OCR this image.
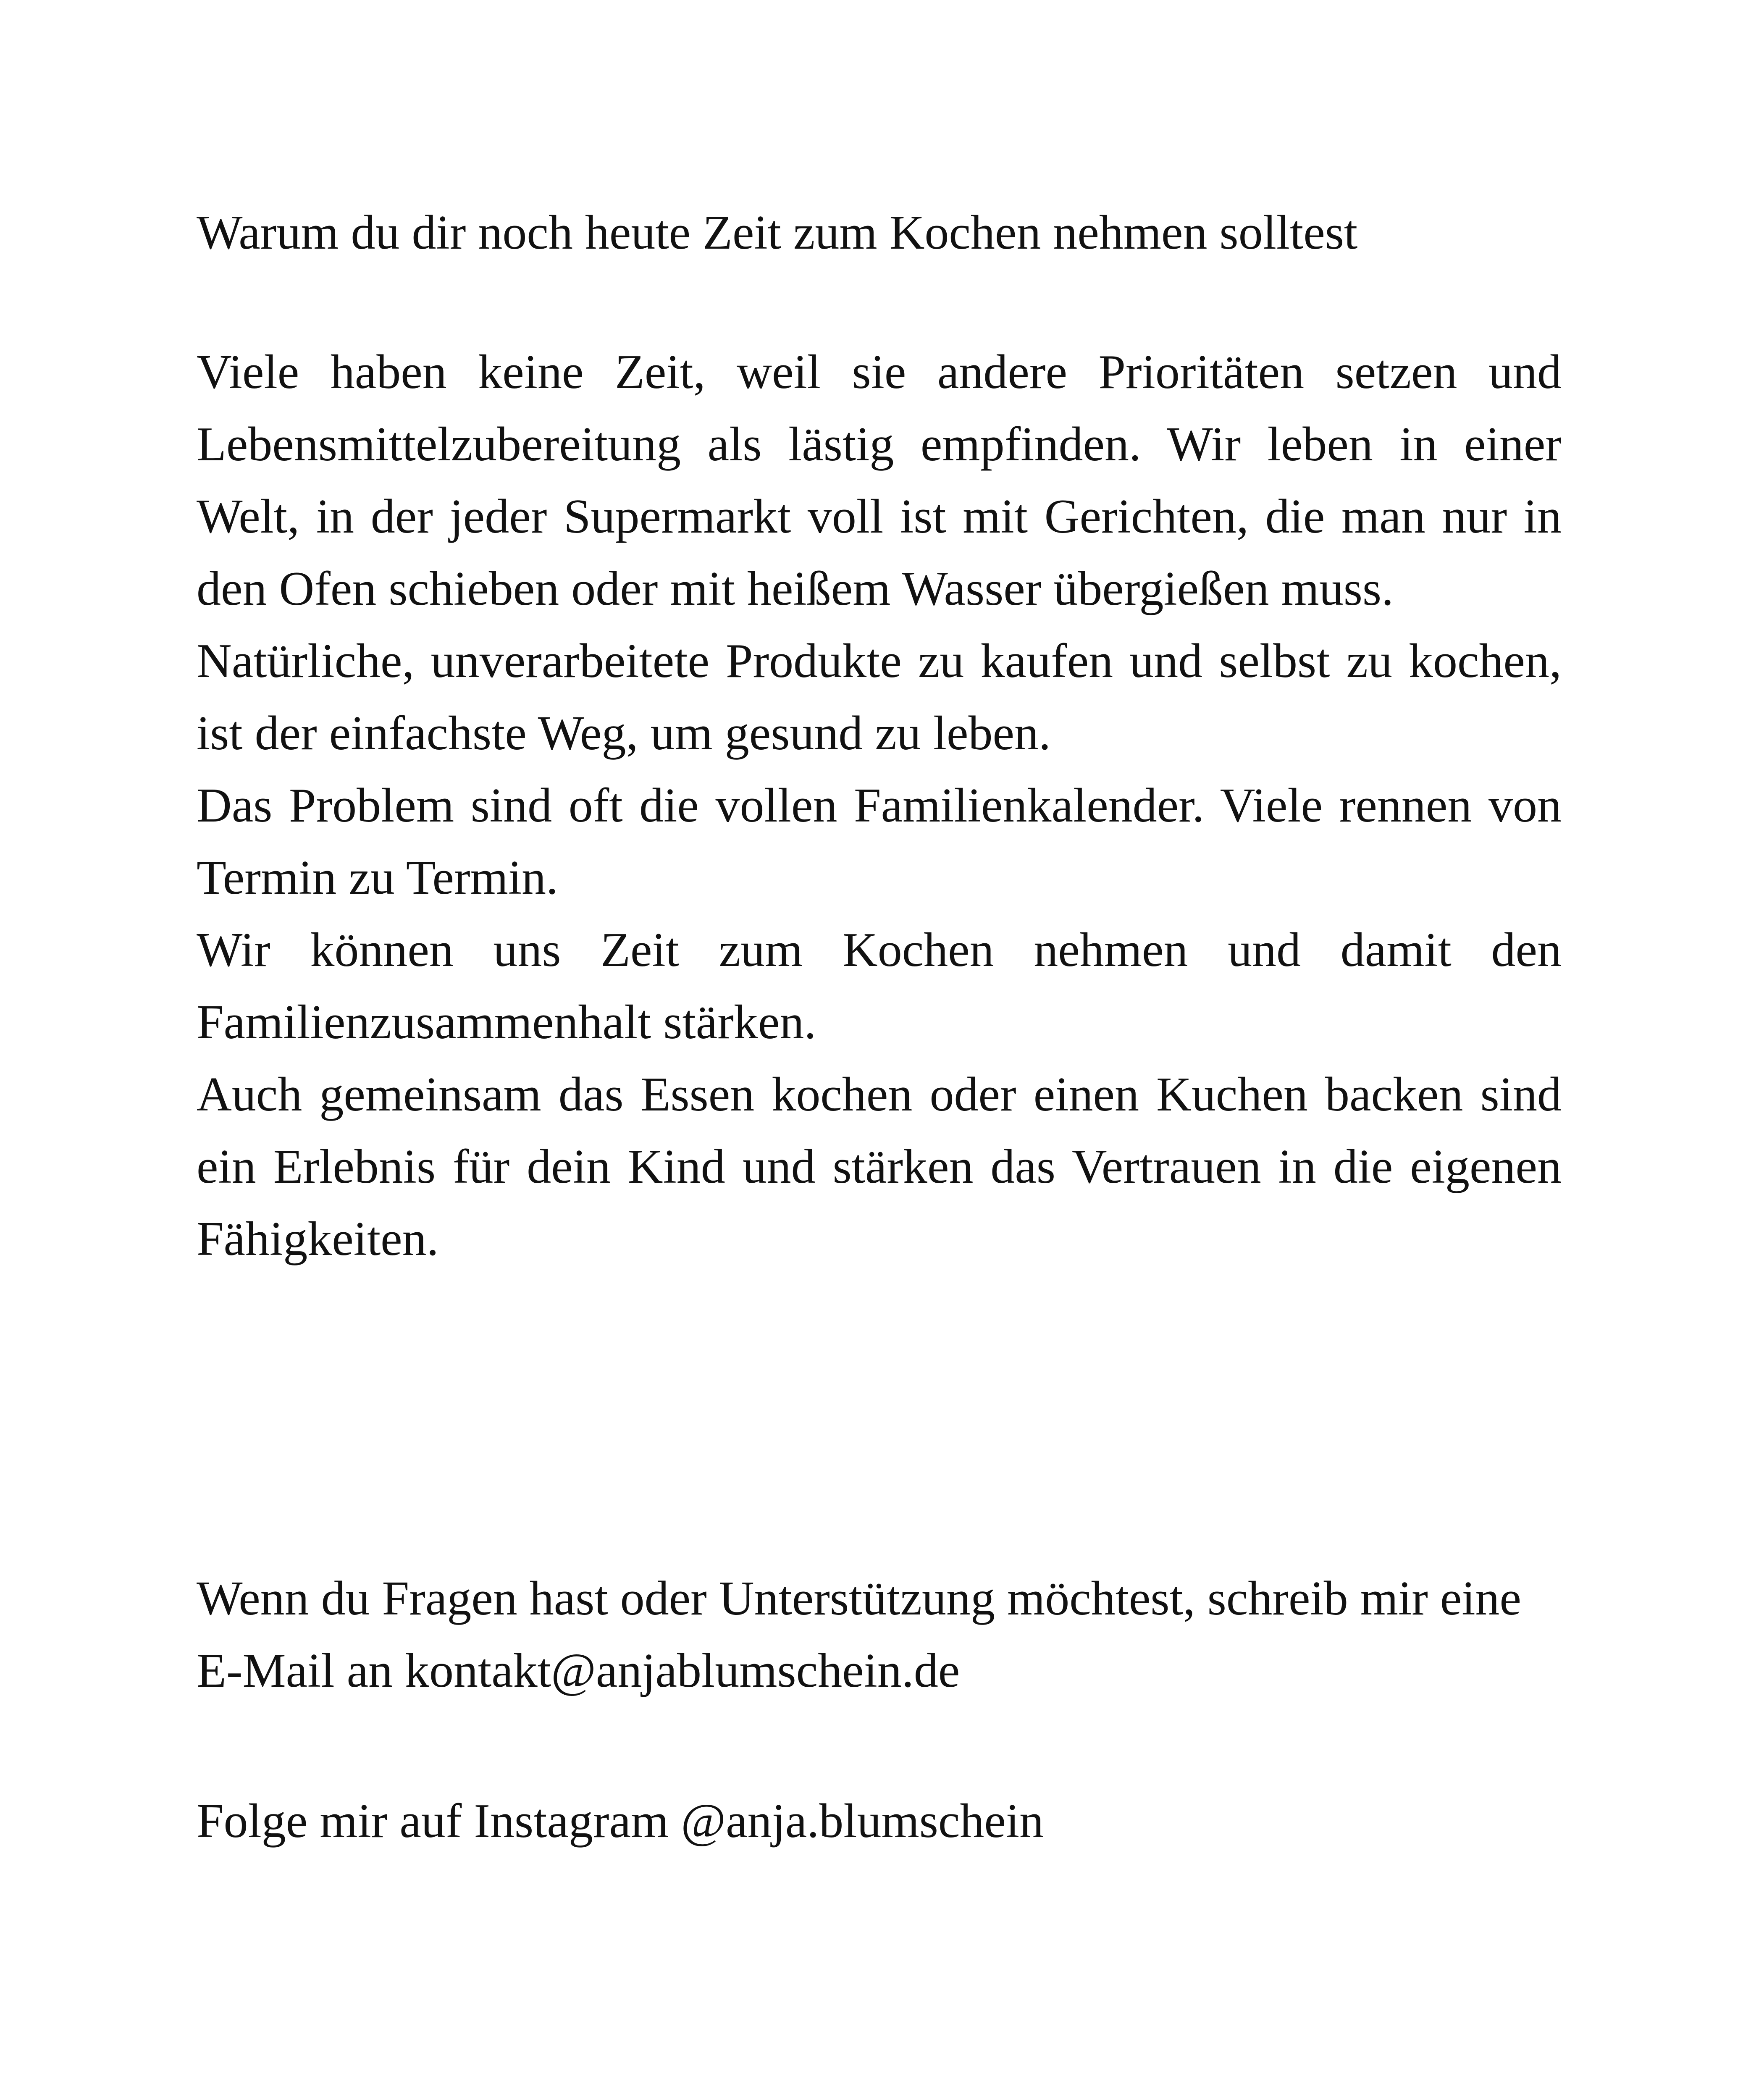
Warum du dir noch heute Zeit zum Kochen nehmen solltest

Viele haben keine Zeit, weil sie andere Prioritäten setzen und Lebensmittelzubereitung als lästig empfinden. Wir leben in einer Welt, in der jeder Supermarkt voll ist mit Gerichten, die man nur in den Ofen schieben oder mit heißem Wasser übergießen muss.

Natürliche, unverarbeitete Produkte zu kaufen und selbst zu kochen, ist der einfachste Weg, um gesund zu leben.

Das Problem sind oft die vollen Familienkalender. Viele rennen von Termin zu Termin.

Wir können uns Zeit zum Kochen nehmen und damit den Familienzusammenhalt stärken.

Auch gemeinsam das Essen kochen oder einen Kuchen backen sind ein Erlebnis für dein Kind und stärken das Vertrauen in die eigenen Fähigkeiten.

Wenn du Fragen hast oder Unterstützung möchtest, schreib mir eine E-Mail an kontakt@anjablumschein.de

Folge mir auf Instagram @anja.blumschein
